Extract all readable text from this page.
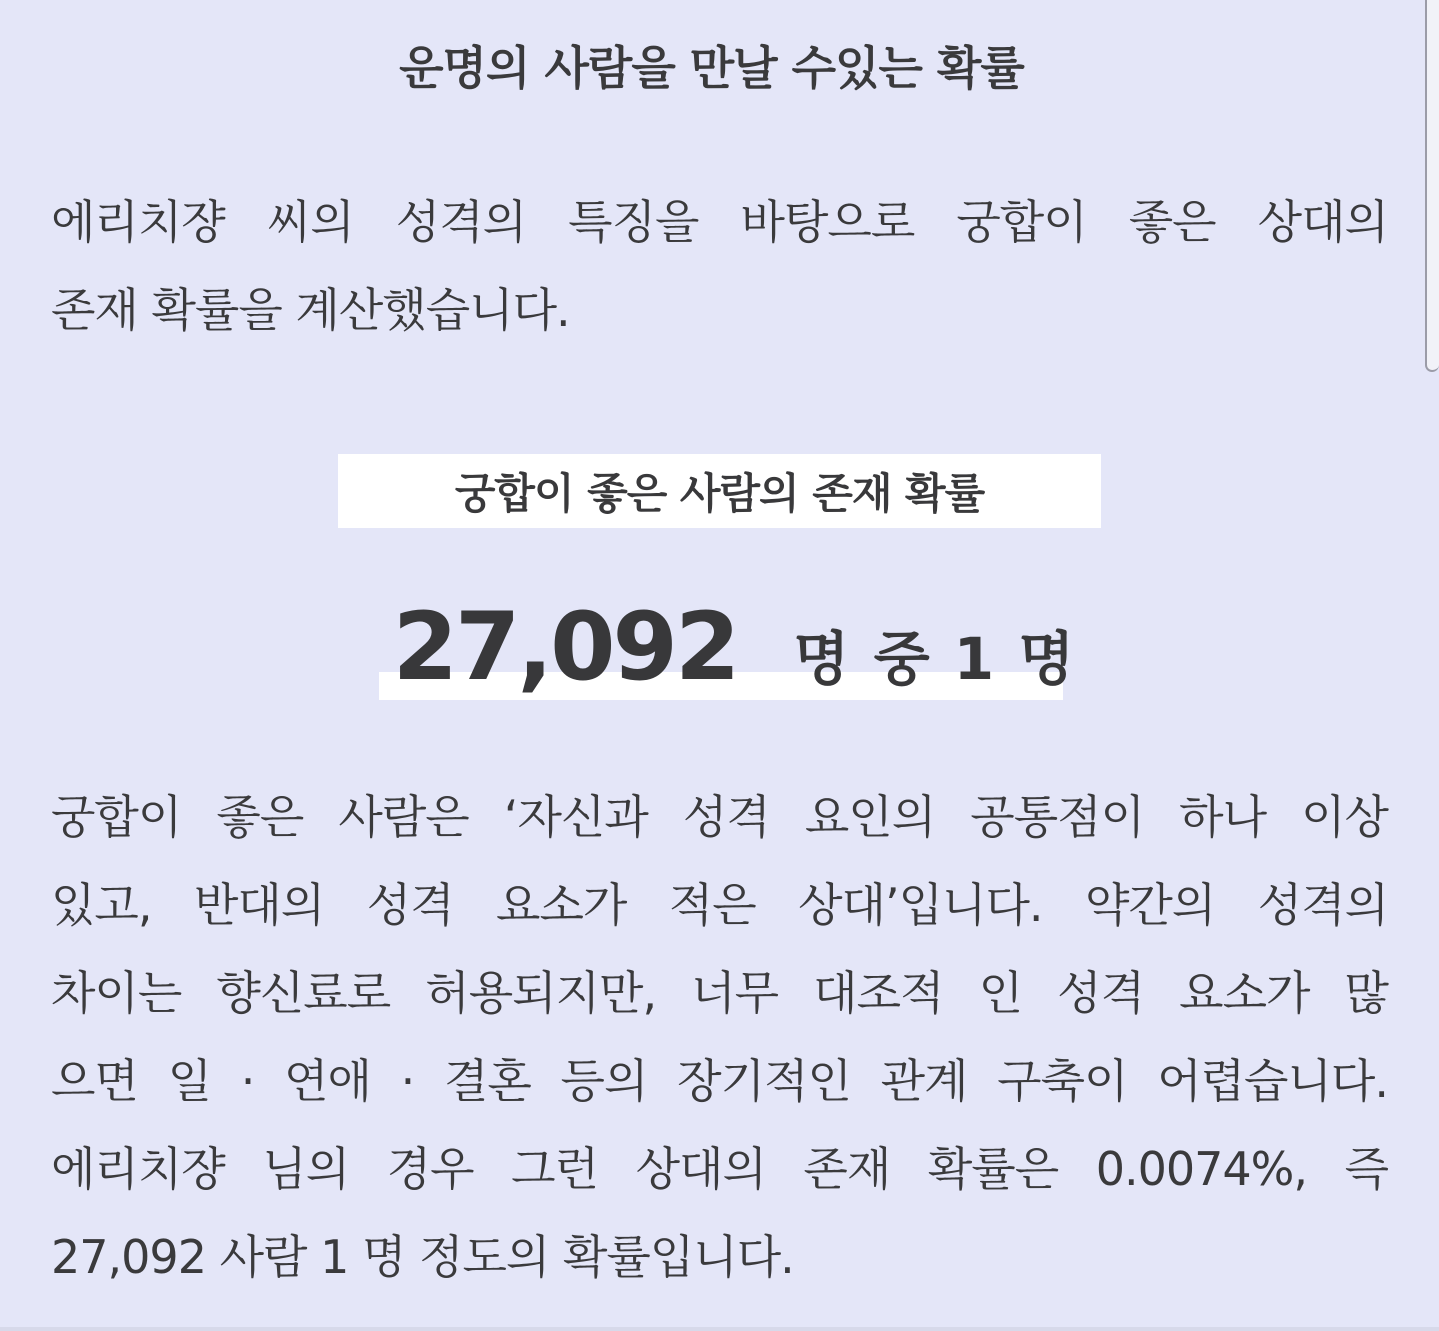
운명의 사람을 만날 수있는 확률
에리치쟝 씨의 성격의 특징을 바탕으로 궁합이 좋은 상대의
존재 확률을 계산했습니다.
궁합이 좋은 사람의 존재 확률
27,092 명 중 1 명
궁합이 좋은 사람은 ‘자신과 성격 요인의 공통점이 하나 이상
있고, 반대의 성격 요소가 적은 상대’입니다. 약간의 성격의
차이는 향신료로 허용되지만, 너무 대조적 인 성격 요소가 많
으면 일 · 연애 · 결혼 등의 장기적인 관계 구축이 어렵습니다.
에리치쟝 님의 경우 그런 상대의 존재 확률은 0.0074%, 즉
27,092 사람 1 명 정도의 확률입니다.
